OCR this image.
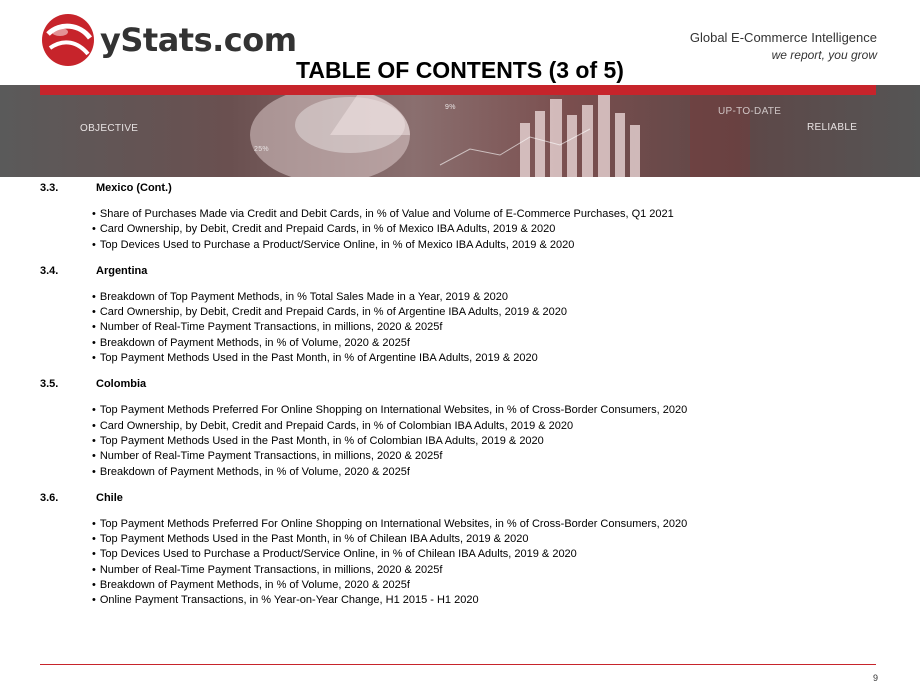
yStats.com	Global E-Commerce Intelligence
we report, you grow
TABLE OF CONTENTS (3 of 5)
OBJECTIVE
UP-TO-DATE
RELIABLE
25%
9%
3.3.	Mexico (Cont.)
• Share of Purchases Made via Credit and Debit Cards, in % of Value and Volume of E-Commerce Purchases, Q1 2021
• Card Ownership, by Debit, Credit and Prepaid Cards, in % of Mexico IBA Adults, 2019 & 2020
• Top Devices Used to Purchase a Product/Service Online, in % of Mexico IBA Adults, 2019 & 2020
3.4.	Argentina
• Breakdown of Top Payment Methods, in % Total Sales Made in a Year, 2019 & 2020
• Card Ownership, by Debit, Credit and Prepaid Cards, in % of Argentine IBA Adults, 2019 & 2020
• Number of Real-Time Payment Transactions, in millions, 2020 & 2025f
• Breakdown of Payment Methods, in % of Volume, 2020 & 2025f
• Top Payment Methods Used in the Past Month, in % of Argentine IBA Adults, 2019 & 2020
3.5.	Colombia
• Top Payment Methods Preferred For Online Shopping on International Websites, in % of Cross-Border Consumers, 2020
• Card Ownership, by Debit, Credit and Prepaid Cards, in % of Colombian IBA Adults, 2019 & 2020
• Top Payment Methods Used in the Past Month, in % of Colombian IBA Adults, 2019 & 2020
• Number of Real-Time Payment Transactions, in millions, 2020 & 2025f
• Breakdown of Payment Methods, in % of Volume, 2020 & 2025f
3.6.	Chile
• Top Payment Methods Preferred For Online Shopping on International Websites, in % of Cross-Border Consumers, 2020
• Top Payment Methods Used in the Past Month, in % of Chilean IBA Adults, 2019 & 2020
• Top Devices Used to Purchase a Product/Service Online, in % of Chilean IBA Adults, 2019 & 2020
• Number of Real-Time Payment Transactions, in millions, 2020 & 2025f
• Breakdown of Payment Methods, in % of Volume, 2020 & 2025f
• Online Payment Transactions, in % Year-on-Year Change, H1 2015 - H1 2020
9
